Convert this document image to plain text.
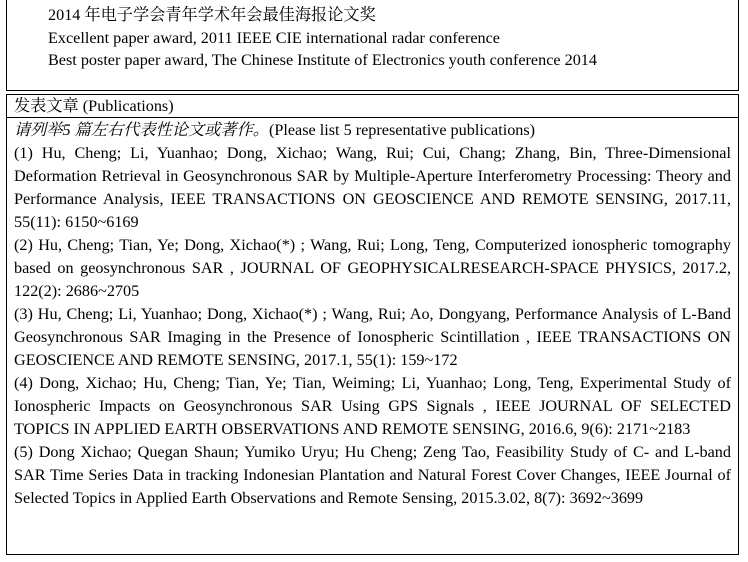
2014 年电子学会青年学术年会最佳海报论文奖
Excellent paper award, 2011 IEEE CIE international radar conference
Best poster paper award, The Chinese Institute of Electronics youth conference 2014
发表文章 (Publications)
请列举5 篇左右代表性论文或著作。(Please list 5 representative publications)
(1) Hu, Cheng; Li, Yuanhao; Dong, Xichao; Wang, Rui; Cui, Chang; Zhang, Bin, Three-Dimensional Deformation Retrieval in Geosynchronous SAR by Multiple-Aperture Interferometry Processing: Theory and Performance Analysis, IEEE TRANSACTIONS ON GEOSCIENCE AND REMOTE SENSING, 2017.11, 55(11): 6150~6169
(2) Hu, Cheng; Tian, Ye; Dong, Xichao(*) ; Wang, Rui; Long, Teng, Computerized ionospheric tomography based on geosynchronous SAR , JOURNAL OF GEOPHYSICALRESEARCH-SPACE PHYSICS, 2017.2, 122(2): 2686~2705
(3) Hu, Cheng; Li, Yuanhao; Dong, Xichao(*) ; Wang, Rui; Ao, Dongyang, Performance Analysis of L-Band Geosynchronous SAR Imaging in the Presence of Ionospheric Scintillation , IEEE TRANSACTIONS ON GEOSCIENCE AND REMOTE SENSING, 2017.1, 55(1): 159~172
(4) Dong, Xichao; Hu, Cheng; Tian, Ye; Tian, Weiming; Li, Yuanhao; Long, Teng, Experimental Study of Ionospheric Impacts on Geosynchronous SAR Using GPS Signals , IEEE JOURNAL OF SELECTED TOPICS IN APPLIED EARTH OBSERVATIONS AND REMOTE SENSING, 2016.6, 9(6): 2171~2183
(5) Dong Xichao; Quegan Shaun; Yumiko Uryu; Hu Cheng; Zeng Tao, Feasibility Study of C- and L-band SAR Time Series Data in tracking Indonesian Plantation and Natural Forest Cover Changes, IEEE Journal of Selected Topics in Applied Earth Observations and Remote Sensing, 2015.3.02, 8(7): 3692~3699
